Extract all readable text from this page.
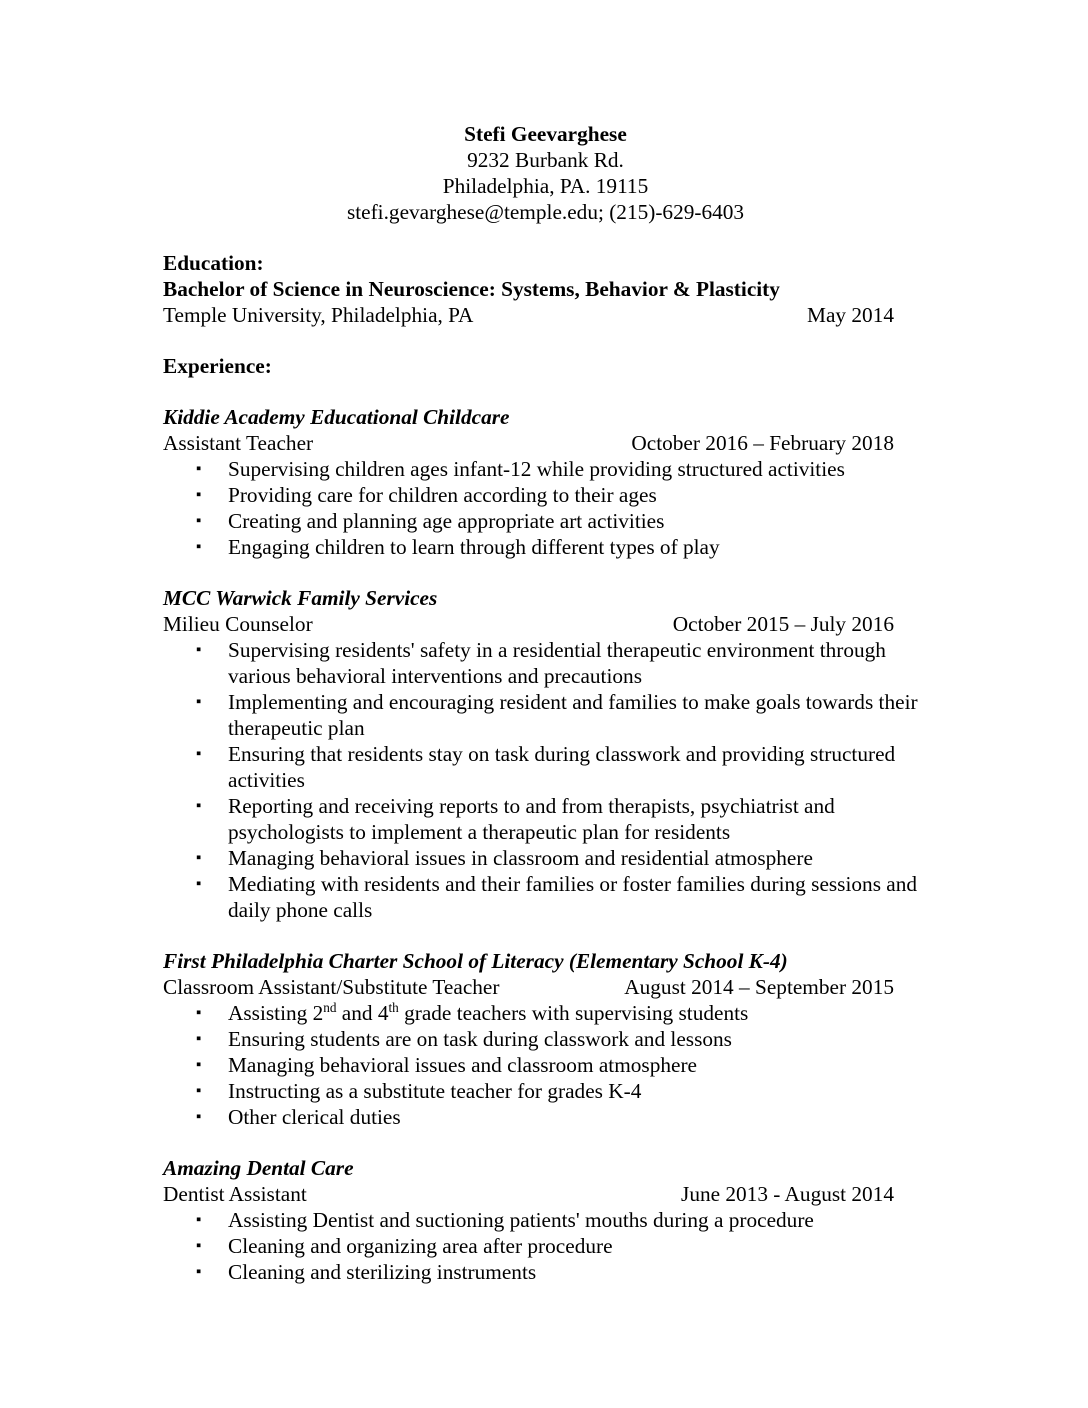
Stefi Geevarghese
9232 Burbank Rd.
Philadelphia, PA. 19115
stefi.gevarghese@temple.edu; (215)-629-6403
Education:
Bachelor of Science in Neuroscience: Systems, Behavior & Plasticity
Temple University, Philadelphia, PA	May 2014
Experience:
Kiddie Academy Educational Childcare
Assistant Teacher	October 2016 – February 2018
▪ Supervising children ages infant-12 while providing structured activities
▪ Providing care for children according to their ages
▪ Creating and planning age appropriate art activities
▪ Engaging children to learn through different types of play
MCC Warwick Family Services
Milieu Counselor	October 2015 – July 2016
▪ Supervising residents' safety in a residential therapeutic environment through various behavioral interventions and precautions
▪ Implementing and encouraging resident and families to make goals towards their therapeutic plan
▪ Ensuring that residents stay on task during classwork and providing structured activities
▪ Reporting and receiving reports to and from therapists, psychiatrist and psychologists to implement a therapeutic plan for residents
▪ Managing behavioral issues in classroom and residential atmosphere
▪ Mediating with residents and their families or foster families during sessions and daily phone calls
First Philadelphia Charter School of Literacy (Elementary School K-4)
Classroom Assistant/Substitute Teacher	August 2014 – September 2015
▪ Assisting 2nd and 4th grade teachers with supervising students
▪ Ensuring students are on task during classwork and lessons
▪ Managing behavioral issues and classroom atmosphere
▪ Instructing as a substitute teacher for grades K-4
▪ Other clerical duties
Amazing Dental Care
Dentist Assistant	June 2013 - August 2014
▪ Assisting Dentist and suctioning patients' mouths during a procedure
▪ Cleaning and organizing area after procedure
▪ Cleaning and sterilizing instruments
